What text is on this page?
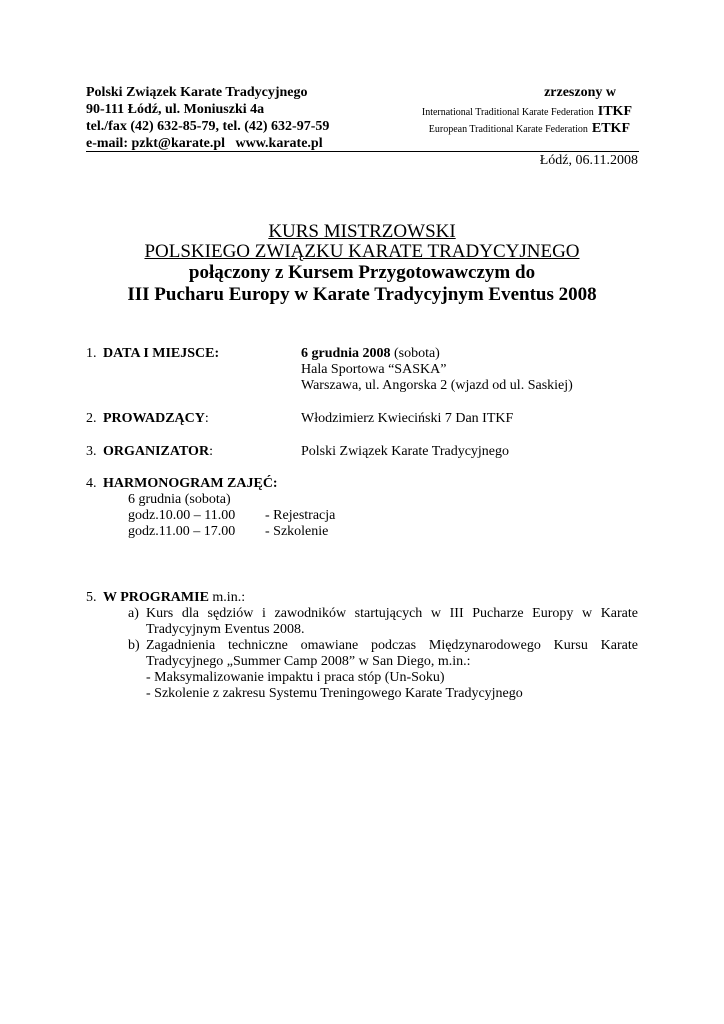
Polski Związek Karate Tradycyjnego
90-111 Łódź, ul. Moniuszki 4a
tel./fax (42) 632-85-79, tel. (42) 632-97-59
e-mail: pzkt@karate.pl   www.karate.pl
zrzeszony w
International Traditional Karate Federation ITKF
European Traditional Karate Federation ETKF
Łódź, 06.11.2008
KURS MISTRZOWSKI
POLSKIEGO ZWIĄZKU KARATE TRADYCYJNEGO
połączony z Kursem Przygotowawczym do
III Pucharu Europy w Karate Tradycyjnym Eventus 2008
1. DATA I MIEJSCE:	6 grudnia 2008 (sobota)
Hala Sportowa “SASKA”
Warszawa, ul. Angorska 2 (wjazd od ul. Saskiej)
2. PROWADZĄCY:	Włodzimierz Kwieciński 7 Dan ITKF
3. ORGANIZATOR:	Polski Związek Karate Tradycyjnego
4. HARMONOGRAM ZAJĘĆ:
6 grudnia (sobota)
godz.10.00 – 11.00 - Rejestracja
godz.11.00 – 17.00 - Szkolenie
5. W PROGRAMIE m.in.:
a) Kurs dla sędziów i zawodników startujących w III Pucharze Europy w Karate
Tradycyjnym Eventus 2008.
b) Zagadnienia techniczne omawiane podczas Międzynarodowego Kursu Karate
Tradycyjnego „Summer Camp 2008” w San Diego, m.in.:
- Maksymalizowanie impaktu i praca stóp (Un-Soku)
- Szkolenie z zakresu Systemu Treningowego Karate Tradycyjnego
